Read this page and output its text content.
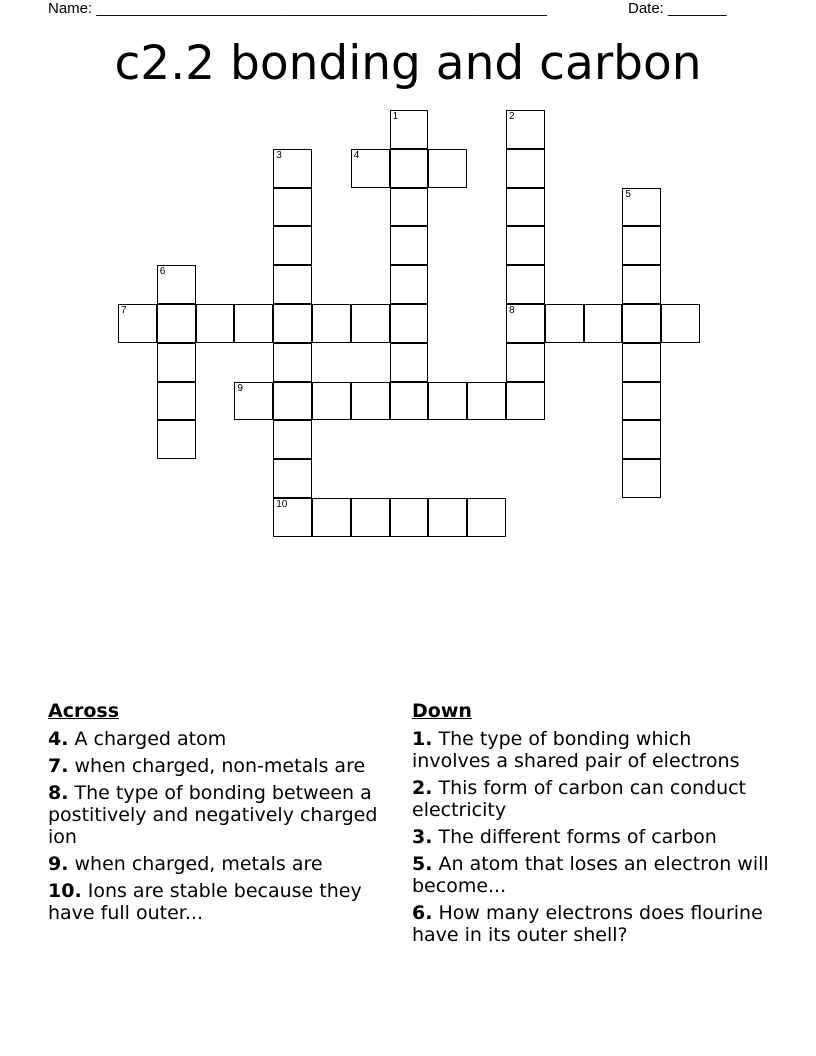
Name: ______________________________________________________	Date: _______
c2.2 bonding and carbon
1	2
3	4
5
6
7	8
9
10
Across
4. A charged atom
7. when charged, non-metals are
8. The type of bonding between a postitively and negatively charged ion
9. when charged, metals are
10. Ions are stable because they have full outer...
Down
1. The type of bonding which involves a shared pair of electrons
2. This form of carbon can conduct electricity
3. The different forms of carbon
5. An atom that loses an electron will become...
6. How many electrons does flourine have in its outer shell?
